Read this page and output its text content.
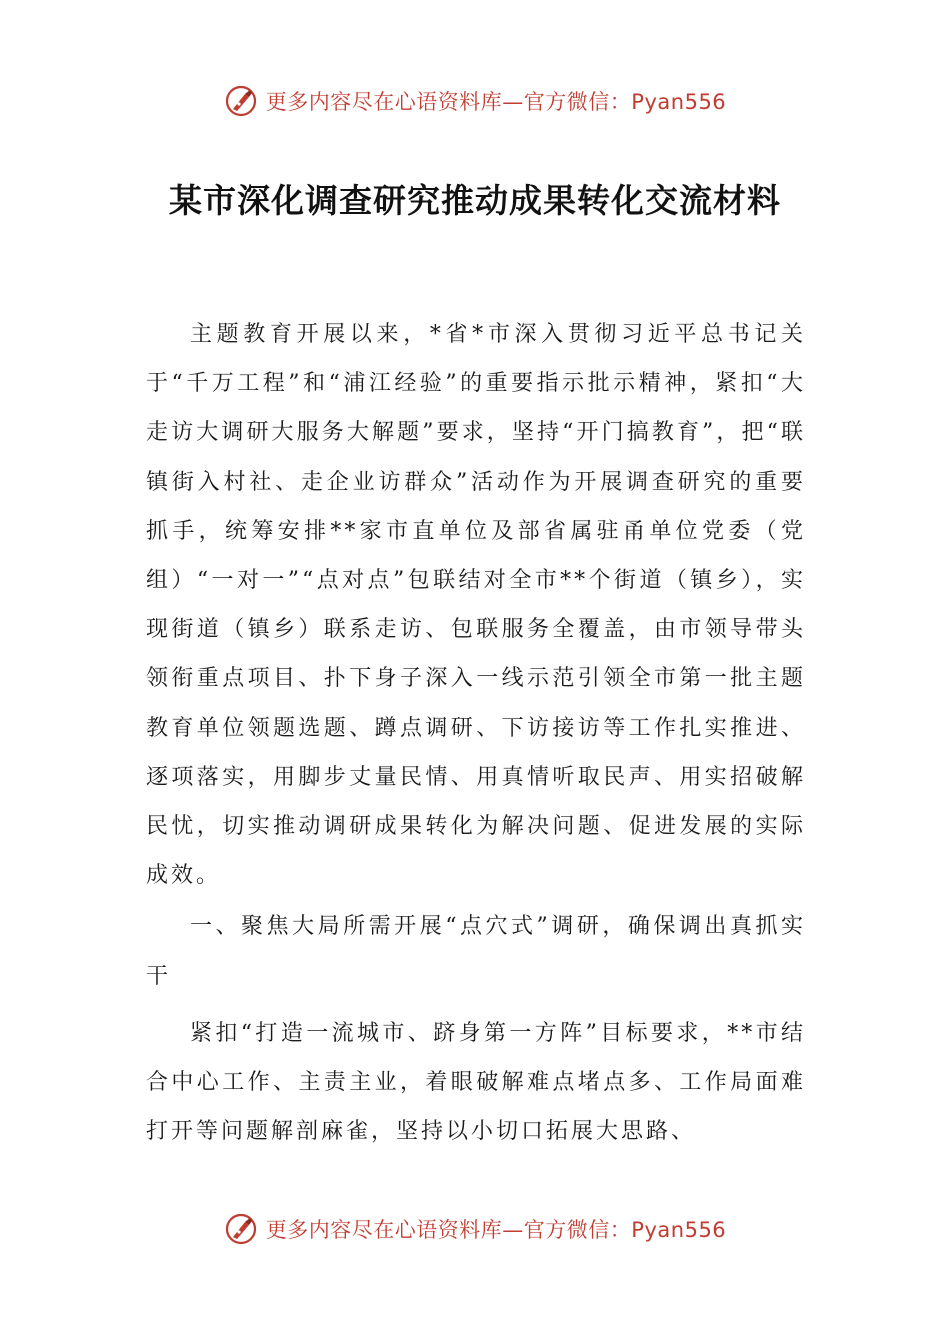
更多内容尽在心语资料库—官方微信：Pyan556
某市深化调查研究推动成果转化交流材料

主题教育开展以来，*省*市深入贯彻习近平总书记关于“千万工程”和“浦江经验”的重要指示批示精神，紧扣“大走访大调研大服务大解题”要求，坚持“开门搞教育”，把“联镇街入村社、走企业访群众”活动作为开展调查研究的重要抓手，统筹安排**家市直单位及部省属驻甬单位党委（党组）“一对一”“点对点”包联结对全市**个街道（镇乡），实现街道（镇乡）联系走访、包联服务全覆盖，由市领导带头领衔重点项目、扑下身子深入一线示范引领全市第一批主题教育单位领题选题、蹲点调研、下访接访等工作扎实推进、逐项落实，用脚步丈量民情、用真情听取民声、用实招破解民忧，切实推动调研成果转化为解决问题、促进发展的实际成效。

一、聚焦大局所需开展“点穴式”调研，确保调出真抓实干

紧扣“打造一流城市、跻身第一方阵”目标要求，**市结合中心工作、主责主业，着眼破解难点堵点多、工作局面难打开等问题解剖麻雀，坚持以小切口拓展大思路、

更多内容尽在心语资料库—官方微信：Pyan556
